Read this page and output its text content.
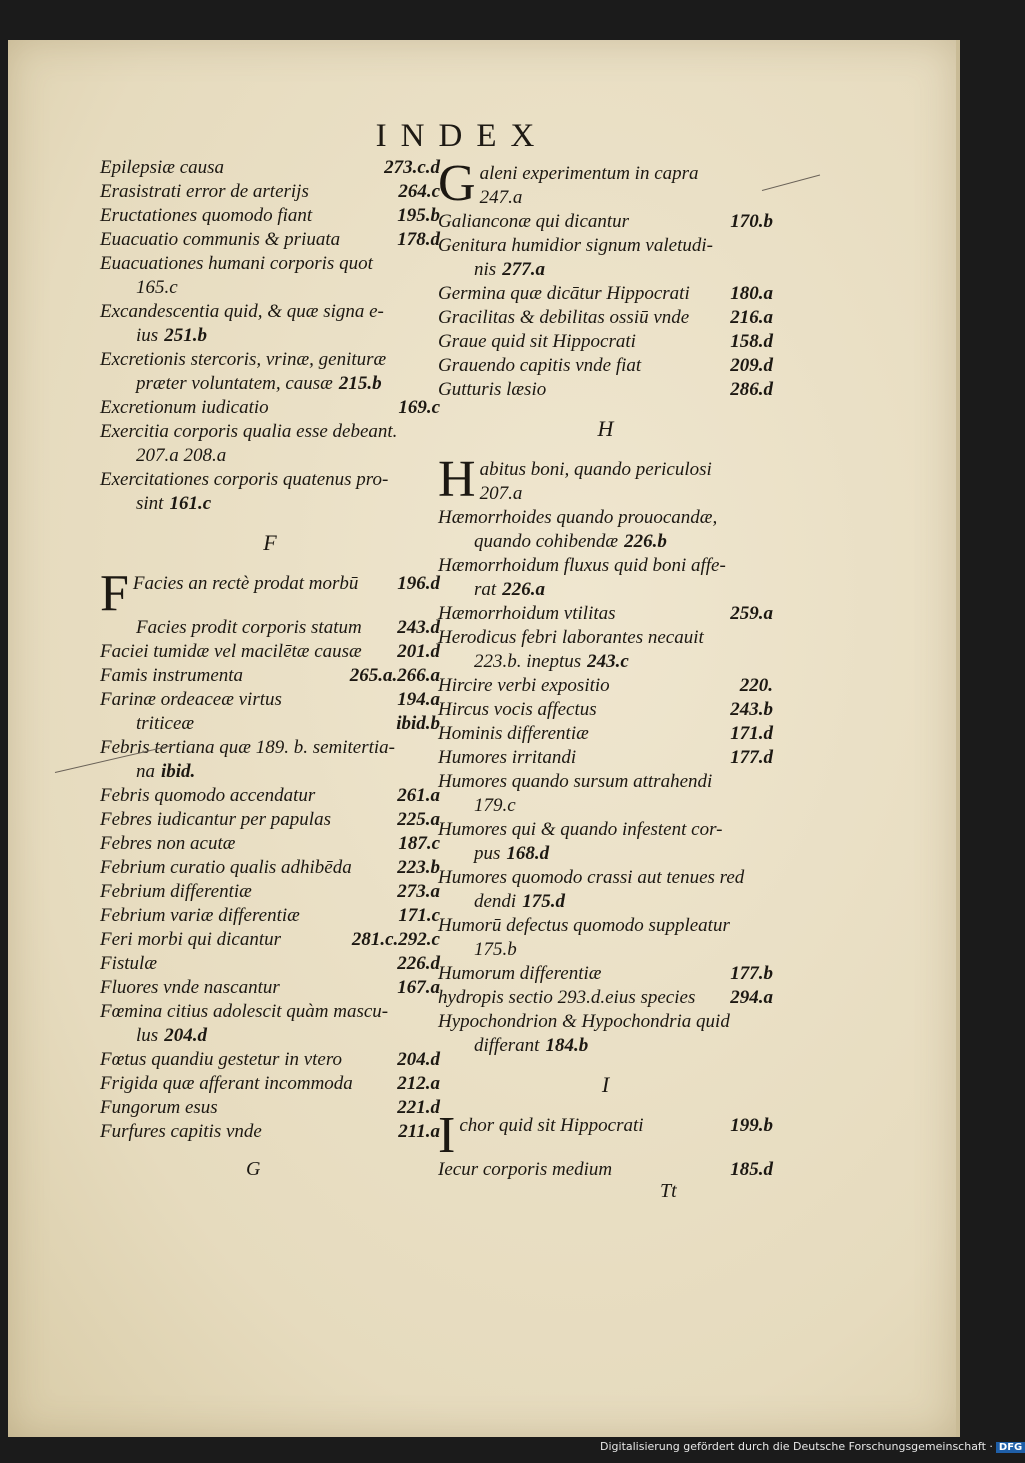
INDEX
Epilepsiæ causa	273.c.d
Erasistrati error de arterijs	264.c
Eructationes quomodo fiant	195.b
Euacuatio communis & priuata	178.d
Euacuationes humani corporis quot
165.c
Excandescentia quid, & quæ signa e-
ius 251.b
Excretionis stercoris, vrinæ, genituræ
præter voluntatem, causæ 215.b
Excretionum iudicatio	169.c
Exercitia corporis qualia esse debeant.
207.a 208.a
Exercitationes corporis quatenus pro-
sint 161.c
F
F Facies an rectè prodat morbū	196.d
Facies prodit corporis statum	243.d
Faciei tumidæ vel macilētæ causæ	201.d
Famis instrumenta	265.a.266.a
Farinæ ordeaceæ virtus	194.a
triticeæ	ibid.b
Febris tertiana quæ 189. b. semitertia-
na ibid.
Febris quomodo accendatur	261.a
Febres iudicantur per papulas	225.a
Febres non acutæ	187.c
Febrium curatio qualis adhibēda	223.b
Febrium differentiæ	273.a
Febrium variæ differentiæ	171.c
Feri morbi qui dicantur	281.c.292.c
Fistulæ	226.d
Fluores vnde nascantur	167.a
Fœmina citius adolescit quàm mascu-
lus 204.d
Fœtus quandiu gestetur in vtero	204.d
Frigida quæ afferant incommoda	212.a
Fungorum esus	221.d
Furfures capitis vnde	211.a
G aleni experimentum in capra
247.a
Galianconæ qui dicantur	170.b
Genitura humidior signum valetudi-
nis 277.a
Germina quæ dicātur Hippocrati	180.a
Gracilitas & debilitas ossiū vnde	216.a
Graue quid sit Hippocrati	158.d
Grauendo capitis vnde fiat	209.d
Gutturis læsio	286.d
H
H abitus boni, quando periculosi
207.a
Hæmorrhoides quando prouocandæ,
quando cohibendæ 226.b
Hæmorrhoidum fluxus quid boni affe-
rat 226.a
Hæmorrhoidum vtilitas	259.a
Herodicus febri laborantes necauit
223.b. ineptus 243.c
Hircire verbi expositio	220.
Hircus vocis affectus	243.b
Hominis differentiæ	171.d
Humores irritandi	177.d
Humores quando sursum attrahendi
179.c
Humores qui & quando infestent cor-
pus 168.d
Humores quomodo crassi aut tenues red
dendi 175.d
Humorū defectus quomodo suppleatur
175.b
Humorum differentiæ	177.b
hydropis sectio 293.d.eius species	294.a
Hypochondrion & Hypochondria quid
differant 184.b
I
I chor quid sit Hippocrati	199.b
Iecur corporis medium	185.d
G
Tt
Digitalisierung gefördert durch die Deutsche Forschungsgemeinschaft · DFG
